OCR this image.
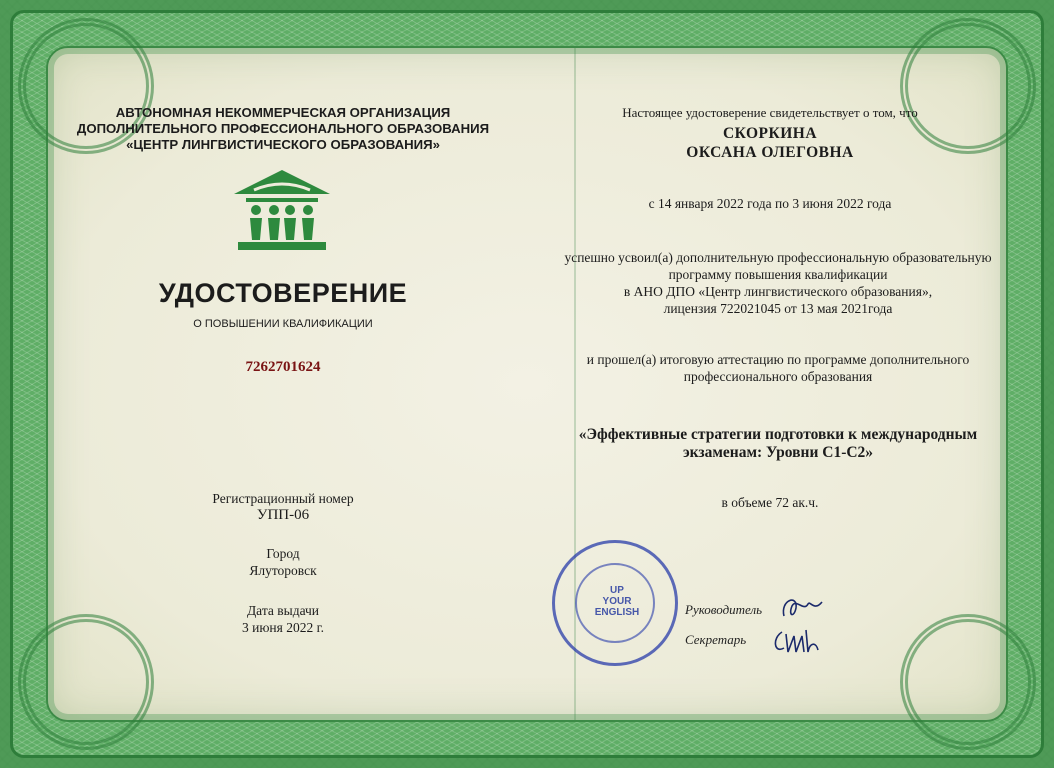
АВТОНОМНАЯ НЕКОММЕРЧЕСКАЯ ОРГАНИЗАЦИЯ
ДОПОЛНИТЕЛЬНОГО ПРОФЕССИОНАЛЬНОГО ОБРАЗОВАНИЯ
«ЦЕНТР ЛИНГВИСТИЧЕСКОГО ОБРАЗОВАНИЯ»
УДОСТОВЕРЕНИЕ
О ПОВЫШЕНИИ КВАЛИФИКАЦИИ
7262701624
Регистрационный номер
УПП-06
Город
Ялуторовск
Дата выдачи
3 июня 2022 г.
Настоящее удостоверение свидетельствует о том, что
СКОРКИНА
ОКСАНА ОЛЕГОВНА
с 14 января 2022 года по 3 июня 2022 года
успешно усвоил(а) дополнительную профессиональную образовательную
программу повышения квалификации
в АНО ДПО «Центр лингвистического образования»,
лицензия 722021045 от 13 мая 2021года
и прошел(а) итоговую аттестацию по программе дополнительного
профессионального образования
«Эффективные стратегии подготовки к международным
экзаменам: Уровни С1-С2»
в объеме 72 ак.ч.
UP
YOUR
ENGLISH	Руководитель
Секретарь
